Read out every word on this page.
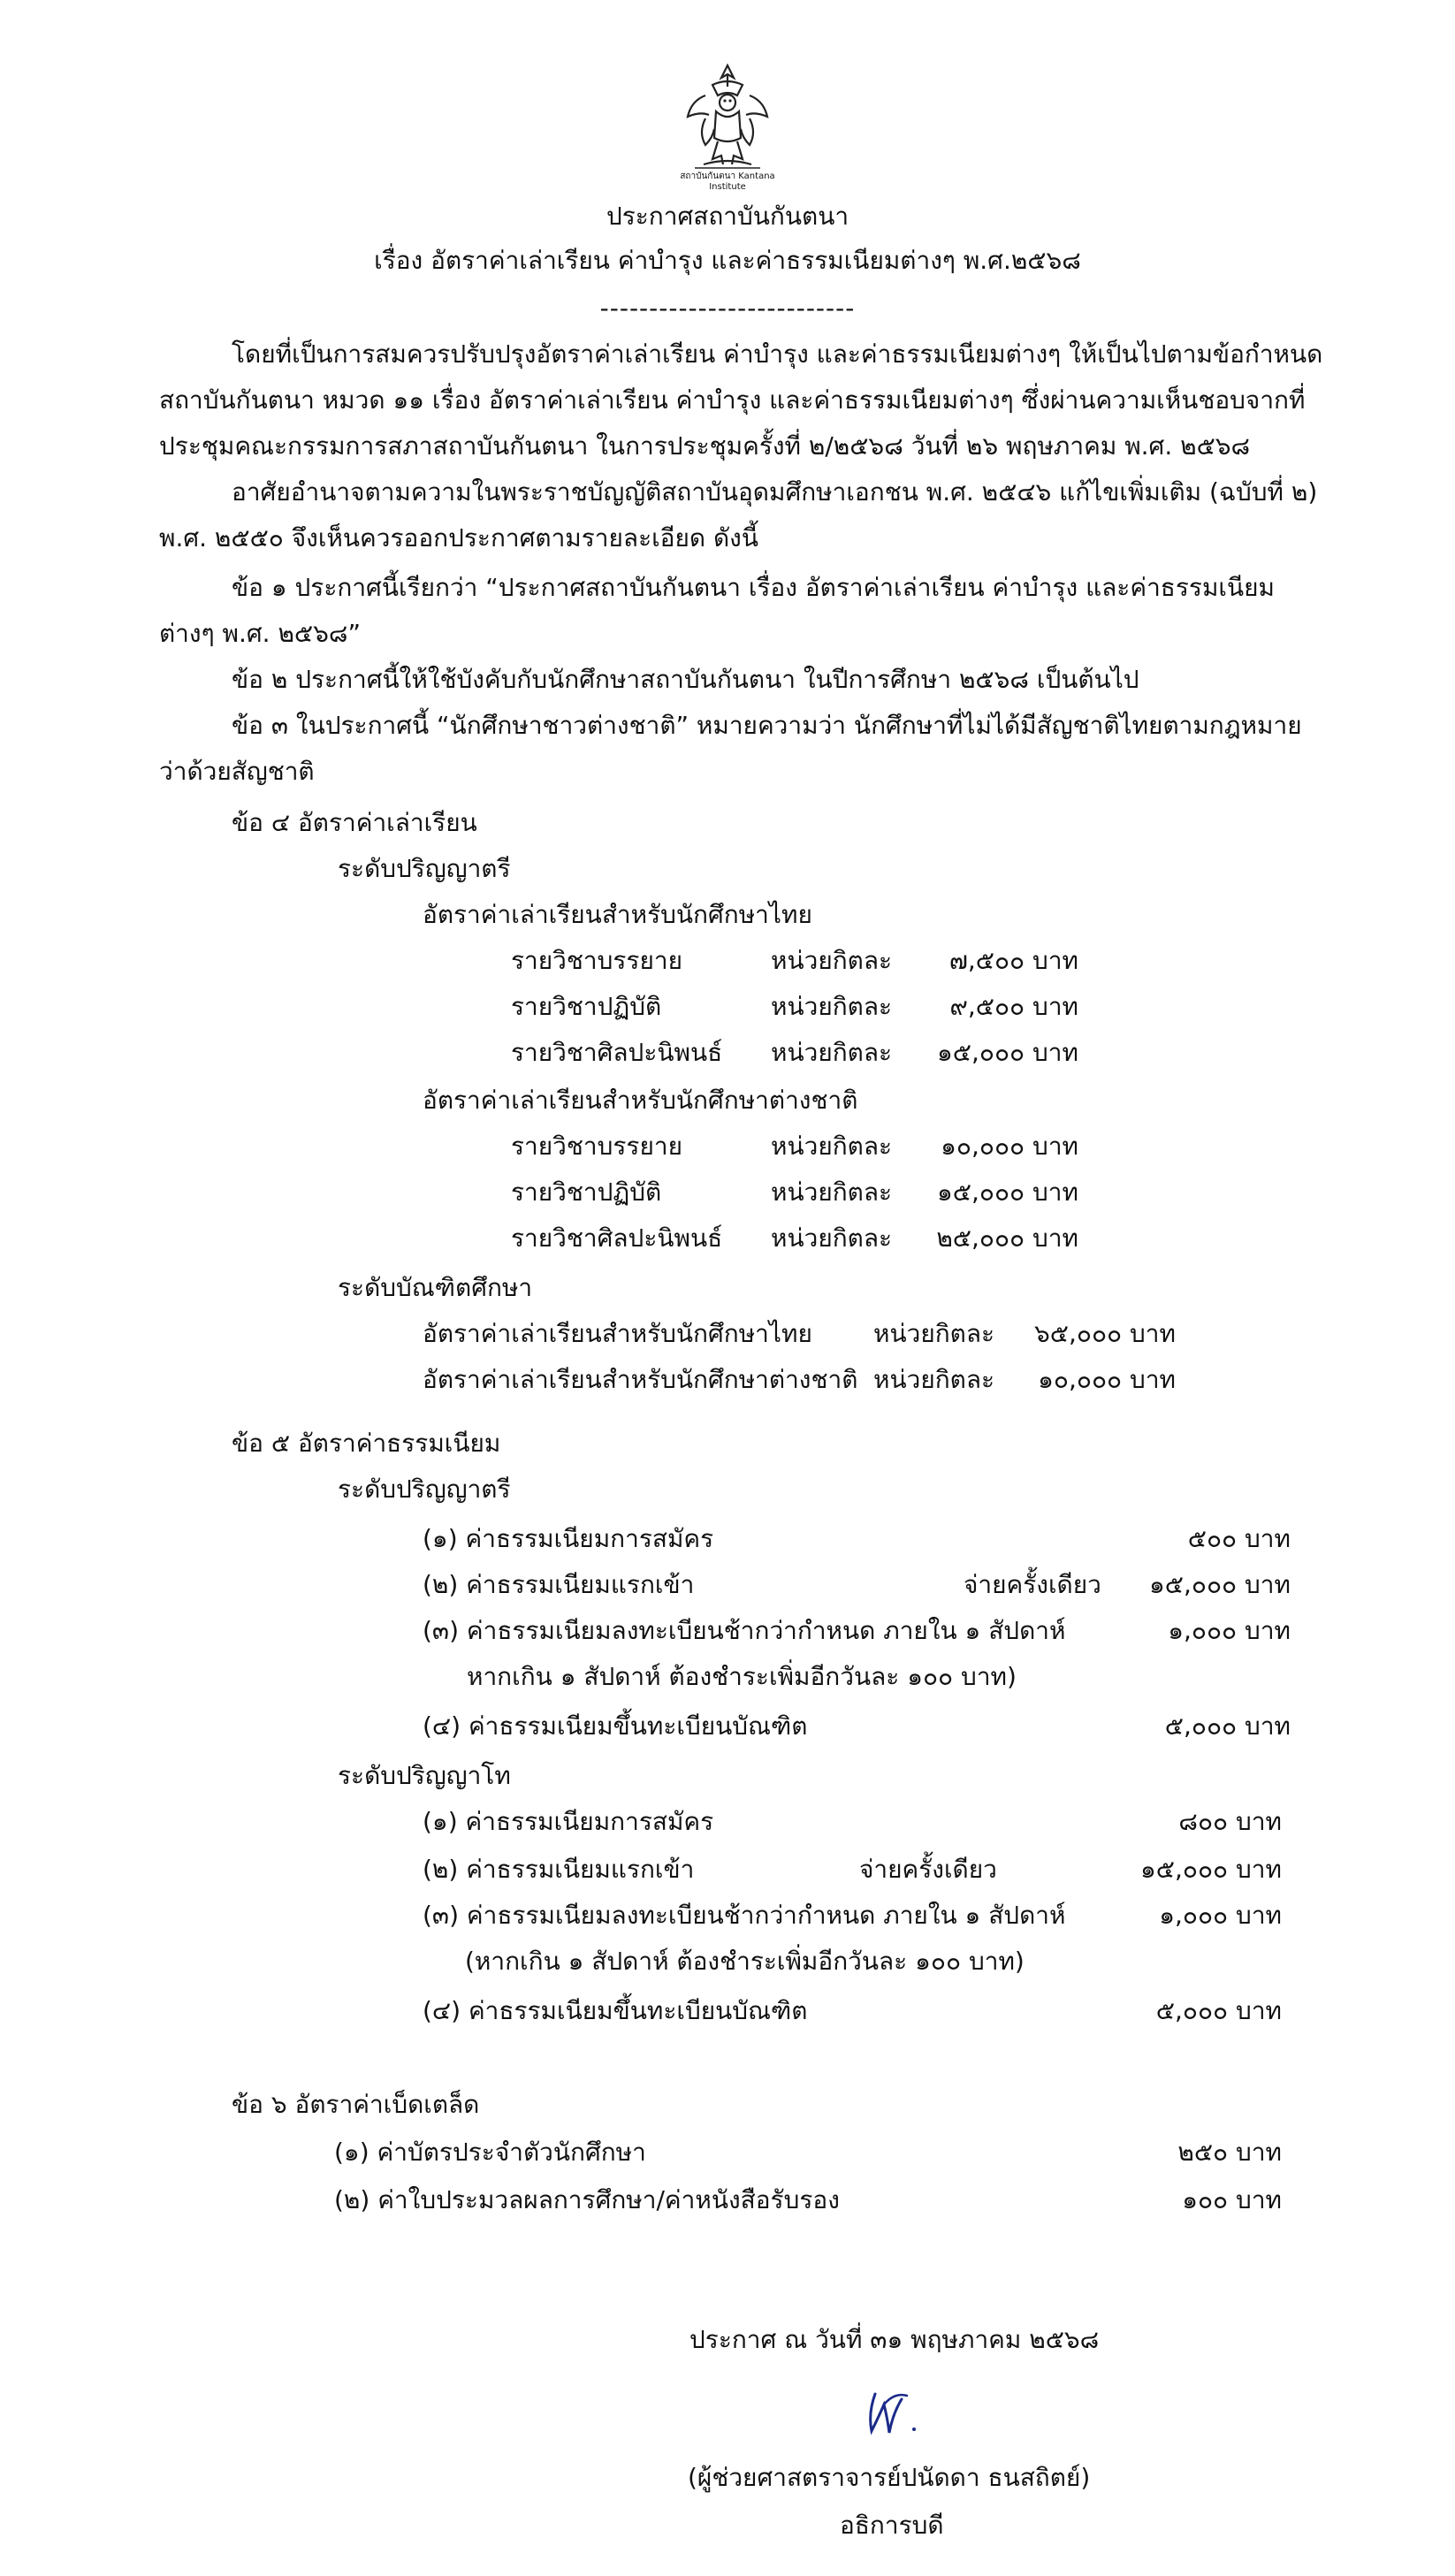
สถาบันกันตนา Kantana Institute
ประกาศสถาบันกันตนา
เรื่อง อัตราค่าเล่าเรียน ค่าบำรุง และค่าธรรมเนียมต่างๆ พ.ศ.๒๕๖๘
--------------------------
โดยที่เป็นการสมควรปรับปรุงอัตราค่าเล่าเรียน ค่าบำรุง และค่าธรรมเนียมต่างๆ ให้เป็นไปตามข้อกำหนด
สถาบันกันตนา หมวด ๑๑ เรื่อง อัตราค่าเล่าเรียน ค่าบำรุง และค่าธรรมเนียมต่างๆ ซึ่งผ่านความเห็นชอบจากที่
ประชุมคณะกรรมการสภาสถาบันกันตนา ในการประชุมครั้งที่ ๒/๒๕๖๘ วันที่ ๒๖ พฤษภาคม พ.ศ. ๒๕๖๘
อาศัยอำนาจตามความในพระราชบัญญัติสถาบันอุดมศึกษาเอกชน พ.ศ. ๒๕๔๖ แก้ไขเพิ่มเติม (ฉบับที่ ๒)
พ.ศ. ๒๕๕๐ จึงเห็นควรออกประกาศตามรายละเอียด ดังนี้
ข้อ ๑ ประกาศนี้เรียกว่า “ประกาศสถาบันกันตนา เรื่อง อัตราค่าเล่าเรียน ค่าบำรุง และค่าธรรมเนียม
ต่างๆ พ.ศ. ๒๕๖๘”
ข้อ ๒ ประกาศนี้ให้ใช้บังคับกับนักศึกษาสถาบันกันตนา ในปีการศึกษา ๒๕๖๘ เป็นต้นไป
ข้อ ๓ ในประกาศนี้ “นักศึกษาชาวต่างชาติ” หมายความว่า นักศึกษาที่ไม่ได้มีสัญชาติไทยตามกฎหมาย
ว่าด้วยสัญชาติ
ข้อ ๔ อัตราค่าเล่าเรียน
ระดับปริญญาตรี
อัตราค่าเล่าเรียนสำหรับนักศึกษาไทย
รายวิชาบรรยาย	หน่วยกิตละ	๗,๕๐๐ บาท
รายวิชาปฏิบัติ	หน่วยกิตละ	๙,๕๐๐ บาท
รายวิชาศิลปะนิพนธ์ หน่วยกิตละ	๑๕,๐๐๐ บาท
อัตราค่าเล่าเรียนสำหรับนักศึกษาต่างชาติ
รายวิชาบรรยาย	หน่วยกิตละ	๑๐,๐๐๐ บาท
รายวิชาปฏิบัติ	หน่วยกิตละ	๑๕,๐๐๐ บาท
รายวิชาศิลปะนิพนธ์ หน่วยกิตละ	๒๕,๐๐๐ บาท
ระดับบัณฑิตศึกษา
อัตราค่าเล่าเรียนสำหรับนักศึกษาไทย หน่วยกิตละ	๖๕,๐๐๐ บาท
อัตราค่าเล่าเรียนสำหรับนักศึกษาต่างชาติ หน่วยกิตละ	๑๐,๐๐๐ บาท
ข้อ ๕ อัตราค่าธรรมเนียม
ระดับปริญญาตรี
(๑) ค่าธรรมเนียมการสมัคร	๕๐๐ บาท
(๒) ค่าธรรมเนียมแรกเข้า	จ่ายครั้งเดียว	๑๕,๐๐๐ บาท
(๓) ค่าธรรมเนียมลงทะเบียนช้ากว่ากำหนด ภายใน ๑ สัปดาห์	๑,๐๐๐ บาท
หากเกิน ๑ สัปดาห์ ต้องชำระเพิ่มอีกวันละ ๑๐๐ บาท)
(๔) ค่าธรรมเนียมขึ้นทะเบียนบัณฑิต	๕,๐๐๐ บาท
ระดับปริญญาโท
(๑) ค่าธรรมเนียมการสมัคร	๘๐๐ บาท
(๒) ค่าธรรมเนียมแรกเข้า	จ่ายครั้งเดียว	๑๕,๐๐๐ บาท
(๓) ค่าธรรมเนียมลงทะเบียนช้ากว่ากำหนด ภายใน ๑ สัปดาห์	๑,๐๐๐ บาท
(หากเกิน ๑ สัปดาห์ ต้องชำระเพิ่มอีกวันละ ๑๐๐ บาท)
(๔) ค่าธรรมเนียมขึ้นทะเบียนบัณฑิต	๕,๐๐๐ บาท
ข้อ ๖ อัตราค่าเบ็ดเตล็ด
(๑) ค่าบัตรประจำตัวนักศึกษา	๒๕๐ บาท
(๒) ค่าใบประมวลผลการศึกษา/ค่าหนังสือรับรอง	๑๐๐ บาท
ประกาศ ณ วันที่ ๓๑ พฤษภาคม ๒๕๖๘
(ผู้ช่วยศาสตราจารย์ปนัดดา ธนสถิตย์)
อธิการบดี
